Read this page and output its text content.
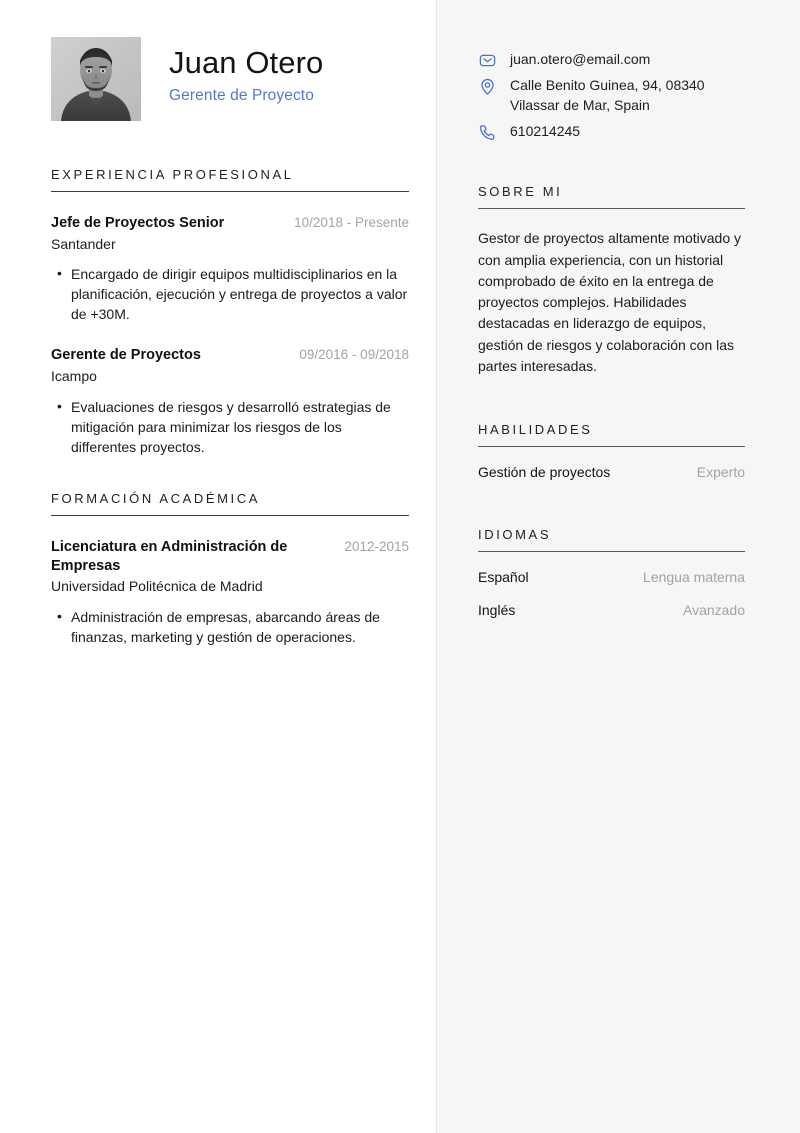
Juan Otero
Gerente de Proyecto
EXPERIENCIA PROFESIONAL
Jefe de Proyectos Senior	10/2018 - Presente
Santander
• Encargado de dirigir equipos multidisciplinarios en la planificación, ejecución y entrega de proyectos a valor de +30M.
Gerente de Proyectos	09/2016 - 09/2018
Icampo
• Evaluaciones de riesgos y desarrolló estrategias de mitigación para minimizar los riesgos de los differentes proyectos.
FORMACIÓN ACADÉMICA
Licenciatura en Administración de Empresas
2012-2015
Universidad Politécnica de Madrid
• Administración de empresas, abarcando áreas de finanzas, marketing y gestión de operaciones.
juan.otero@email.com
Calle Benito Guinea, 94, 08340 Vilassar de Mar, Spain
610214245
SOBRE MI
Gestor de proyectos altamente motivado y con amplia experiencia, con un historial comprobado de éxito en la entrega de proyectos complejos. Habilidades destacadas en liderazgo de equipos, gestión de riesgos y colaboración con las partes interesadas.
HABILIDADES
Gestión de proyectos	Experto
IDIOMAS
Español	Lengua materna
Inglés	Avanzado
